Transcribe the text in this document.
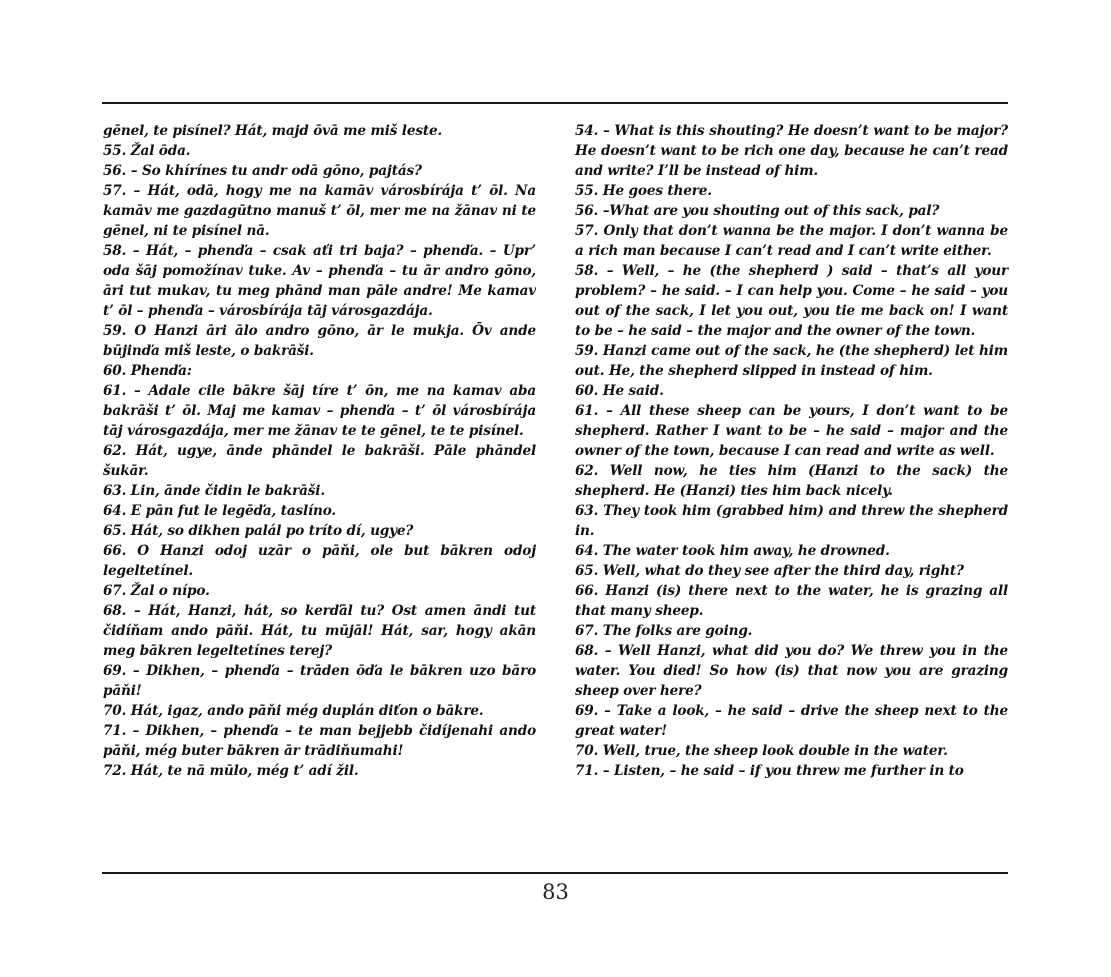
gēnel, te pisínel? Hát, majd ōvā me miš leste.

55. Žal ōda.

56. – So khírínes tu andr odā gōno, pajtás?

57. – Hát, odā, hogy me na kamāv városbírája t’ ōl. Na kamāv me gazdagūtno manuš t’ ōl, mer me na žānav ni te gēnel, ni te pisínel nā.

58. – Hát, – phenďa – csak aťi tri baja? – phenďa. – Upr’ oda šāj pomožínav tuke. Av – phenďa – tu ār andro gōno, āri tut mukav, tu meg phānd man pāle andre! Me kamav t’ ōl – phenďa – városbírája tāj városgazdája.

59. O Hanzi āri ālo andro gōno, ār le mukja. Ōv ande būjinďa miš leste, o bakrāši.

60. Phenďa:

61. – Adale cile bākre šāj tíre t’ ōn, me na kamav aba bakrāši t’ ōl. Maj me kamav – phenďa – t’ ōl városbírája tāj városgazdája, mer me žānav te te gēnel, te te pisínel.

62. Hát, ugye, ānde phāndel le bakrāši. Pāle phāndel šukār.

63. Lin, ānde čidin le bakrāši.

64. E pān fut le legēďa, taslíno.

65. Hát, so dikhen palál po tríto dí, ugye?

66. O Hanzi odoj uzār o pāňi, ole but bākren odoj legeltetínel.

67. Žal o nípo.

68. – Hát, Hanzi, hát, so kerďāl tu? Ost amen āndi tut čidíňam ando pāňi. Hát, tu mūjāl! Hát, sar, hogy akān meg bākren legeltetínes terej?

69. – Dikhen, – phenďa – trāden ōďa le bākren uzo bāro pāňi!

70. Hát, igaz, ando pāňi még duplán diťon o bākre.

71. – Dikhen, – phenďa – te man bejjebb čidíjenahi ando pāňi, még buter bākren ār trādiňumahi!

72. Hát, te nā mūlo, még t’ adí žil.

54. – What is this shouting? He doesn’t want to be major? He doesn’t want to be rich one day, because he can’t read and write? I’ll be instead of him.

55. He goes there.

56. –What are you shouting out of this sack, pal?

57. Only that don’t wanna be the major. I don’t wanna be a rich man because I can’t read and I can’t write either.

58. – Well, – he (the shepherd ) said – that’s all your problem? – he said. – I can help you. Come – he said – you out of the sack, I let you out, you tie me back on! I want to be – he said – the major and the owner of the town.

59. Hanzi came out of the sack, he (the shepherd) let him out. He, the shepherd slipped in instead of him.

60. He said.

61. – All these sheep can be yours, I don’t want to be shepherd. Rather I want to be – he said – major and the owner of the town, because I can read and write as well.

62. Well now, he ties him (Hanzi to the sack) the shepherd. He (Hanzi) ties him back nicely.

63. They took him (grabbed him) and threw the shepherd in.

64. The water took him away, he drowned.

65. Well, what do they see after the third day, right?

66. Hanzi (is) there next to the water, he is grazing all that many sheep.

67. The folks are going.

68. – Well Hanzi, what did you do? We threw you in the water. You died! So how (is) that now you are grazing sheep over here?

69. – Take a look, – he said – drive the sheep next to the great water!

70. Well, true, the sheep look double in the water.

71. – Listen, – he said – if you threw me further in to

83
